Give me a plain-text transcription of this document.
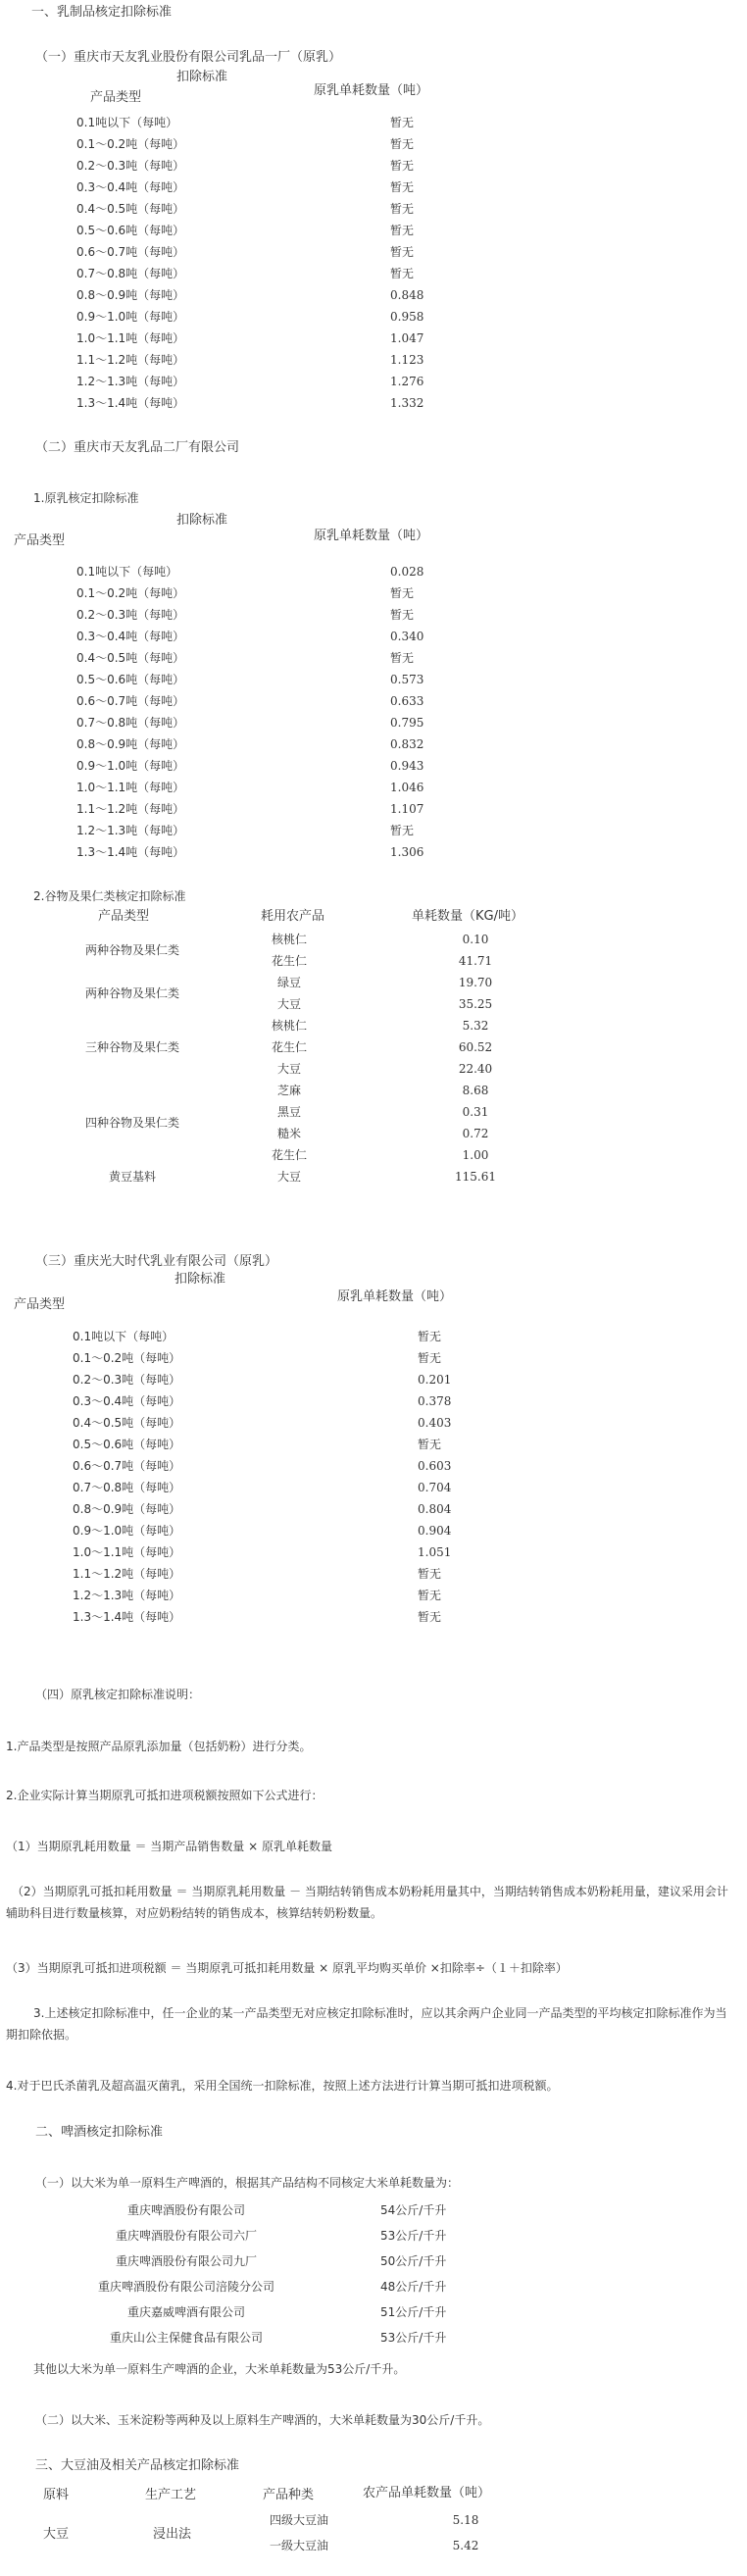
一、乳制品核定扣除标准
（一）重庆市天友乳业股份有限公司乳品一厂（原乳）
扣除标准
产品类型	原乳单耗数量（吨）
0.1吨以下（每吨）	暂无
0.1～0.2吨（每吨）	暂无
0.2～0.3吨（每吨）	暂无
0.3～0.4吨（每吨）	暂无
0.4～0.5吨（每吨）	暂无
0.5～0.6吨（每吨）	暂无
0.6～0.7吨（每吨）	暂无
0.7～0.8吨（每吨）	暂无
0.8～0.9吨（每吨）	0.848
0.9～1.0吨（每吨）	0.958
1.0～1.1吨（每吨）	1.047
1.1～1.2吨（每吨）	1.123
1.2～1.3吨（每吨）	1.276
1.3～1.4吨（每吨）	1.332
（二）重庆市天友乳品二厂有限公司
1.原乳核定扣除标准
扣除标准
产品类型	原乳单耗数量（吨）
0.1吨以下（每吨）	0.028
0.1～0.2吨（每吨）	暂无
0.2～0.3吨（每吨）	暂无
0.3～0.4吨（每吨）	0.340
0.4～0.5吨（每吨）	暂无
0.5～0.6吨（每吨）	0.573
0.6～0.7吨（每吨）	0.633
0.7～0.8吨（每吨）	0.795
0.8～0.9吨（每吨）	0.832
0.9～1.0吨（每吨）	0.943
1.0～1.1吨（每吨）	1.046
1.1～1.2吨（每吨）	1.107
1.2～1.3吨（每吨）	暂无
1.3～1.4吨（每吨）	1.306
2.谷物及果仁类核定扣除标准
产品类型	耗用农产品	单耗数量（KG/吨）
两种谷物及果仁类
核桃仁	0.10
花生仁	41.71
两种谷物及果仁类
绿豆	19.70
大豆	35.25
三种谷物及果仁类
核桃仁	5.32
花生仁	60.52
大豆	22.40
四种谷物及果仁类
芝麻	8.68
黑豆	0.31
糙米	0.72
花生仁	1.00
黄豆基料	大豆	115.61
（三）重庆光大时代乳业有限公司（原乳）
扣除标准
产品类型
原乳单耗数量（吨）
0.1吨以下（每吨）	暂无
0.1～0.2吨（每吨）	暂无
0.2～0.3吨（每吨）	0.201
0.3～0.4吨（每吨）	0.378
0.4～0.5吨（每吨）	0.403
0.5～0.6吨（每吨）	暂无
0.6～0.7吨（每吨）	0.603
0.7～0.8吨（每吨）	0.704
0.8～0.9吨（每吨）	0.804
0.9～1.0吨（每吨）	0.904
1.0～1.1吨（每吨）	1.051
1.1～1.2吨（每吨）	暂无
1.2～1.3吨（每吨）	暂无
1.3～1.4吨（每吨）	暂无
（四）原乳核定扣除标准说明：
1.产品类型是按照产品原乳添加量（包括奶粉）进行分类。
2.企业实际计算当期原乳可抵扣进项税额按照如下公式进行：
（1）当期原乳耗用数量 ＝ 当期产品销售数量 × 原乳单耗数量
（2）当期原乳可抵扣耗用数量 ＝ 当期原乳耗用数量 － 当期结转销售成本奶粉耗用量其中，当期结转销售成本奶粉耗用量，建议采用会计辅助科目进行数量核算，对应奶粉结转的销售成本，核算结转奶粉数量。
（3）当期原乳可抵扣进项税额 ＝ 当期原乳可抵扣耗用数量 × 原乳平均购买单价 ×扣除率÷（１＋扣除率）
3.上述核定扣除标准中，任一企业的某一产品类型无对应核定扣除标准时，应以其余两户企业同一产品类型的平均核定扣除标准作为当期扣除依据。
4.对于巴氏杀菌乳及超高温灭菌乳，采用全国统一扣除标准，按照上述方法进行计算当期可抵扣进项税额。
二、啤酒核定扣除标准
（一）以大米为单一原料生产啤酒的，根据其产品结构不同核定大米单耗数量为：
重庆啤酒股份有限公司	54公斤/千升
重庆啤酒股份有限公司六厂	53公斤/千升
重庆啤酒股份有限公司九厂	50公斤/千升
重庆啤酒股份有限公司涪陵分公司	48公斤/千升
重庆嘉威啤酒有限公司	51公斤/千升
重庆山公主保健食品有限公司	53公斤/千升
其他以大米为单一原料生产啤酒的企业，大米单耗数量为53公斤/千升。
（二）以大米、玉米淀粉等两种及以上原料生产啤酒的，大米单耗数量为30公斤/千升。
三、大豆油及相关产品核定扣除标准
原料	生产工艺	产品种类	农产品单耗数量（吨）
大豆	浸出法
四级大豆油	5.18
一级大豆油	5.42
